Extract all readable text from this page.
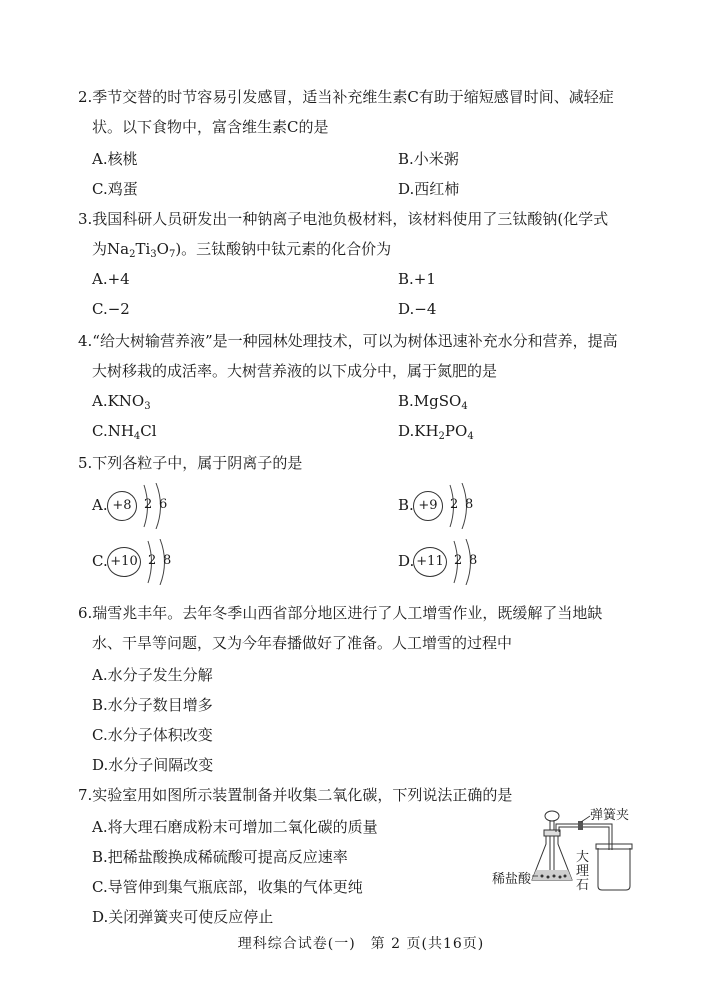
2.季节交替的时节容易引发感冒，适当补充维生素C有助于缩短感冒时间、减轻症
状。以下食物中，富含维生素C的是
A.核桃	B.小米粥
C.鸡蛋	D.西红柿
3.我国科研人员研发出一种钠离子电池负极材料，该材料使用了三钛酸钠(化学式
为$Na_2Ti_3O_7$)。三钛酸钠中钛元素的化合价为
A.+4	B.+1
C.−2	D.−4
4.“给大树输营养液”是一种园林处理技术，可以为树体迅速补充水分和营养，提高
大树移栽的成活率。大树营养液的以下成分中，属于氮肥的是
$A.KNO_3$	B.MgSO$_4$
$C.NH_4Cl$	$D.KH_2PO_4$
5.下列各粒子中，属于阴离子的是
A. +8 2 6	B. +9 2 8
C. +10 2 8	D. +11 2 8
6.瑞雪兆丰年。去年冬季山西省部分地区进行了人工增雪作业，既缓解了当地缺
水、干旱等问题，又为今年春播做好了准备。人工增雪的过程中
A.水分子发生分解
B.水分子数目增多
C.水分子体积改变
D.水分子间隔改变
7.实验室用如图所示装置制备并收集二氧化碳，下列说法正确的是
A.将大理石磨成粉末可增加二氧化碳的质量
B.把稀盐酸换成稀硫酸可提高反应速率
C.导管伸到集气瓶底部，收集的气体更纯
D.关闭弹簧夹可使反应停止
弹簧夹
稀盐酸
大
理
石
理科综合试卷(一)　第 2 页(共16页)
